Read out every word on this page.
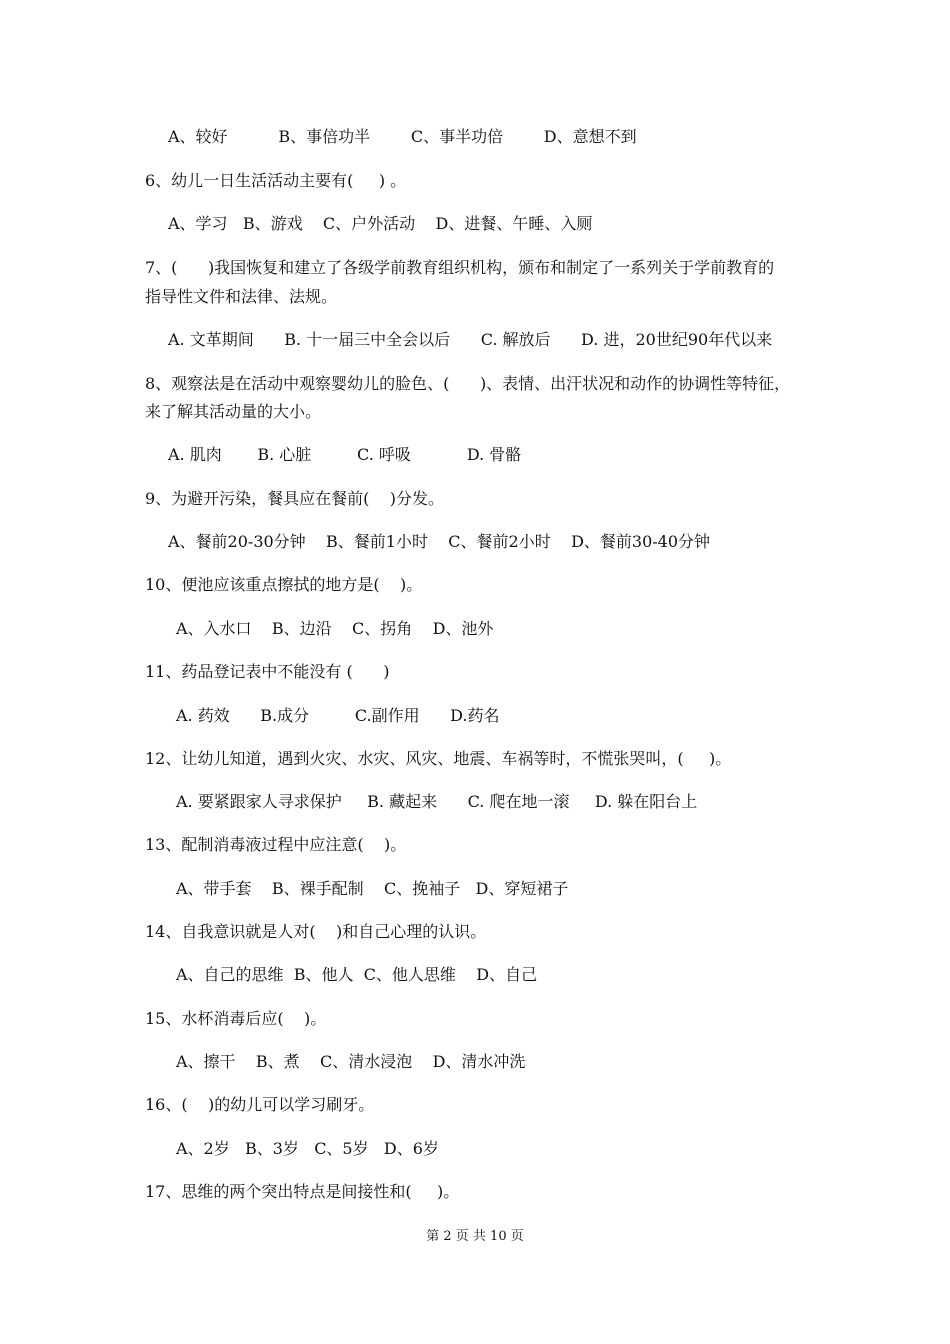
A、较好          B、事倍功半        C、事半功倍        D、意想不到
6、幼儿一日生活活动主要有(     ) 。
A、学习   B、游戏    C、户外活动    D、进餐、午睡、入厕
7、(      )我国恢复和建立了各级学前教育组织机构，颁布和制定了一系列关于学前教育的
指导性文件和法律、法规。
A. 文革期间      B. 十一届三中全会以后      C. 解放后      D. 进，20世纪90年代以来
8、观察法是在活动中观察婴幼儿的脸色、(      )、表情、出汗状况和动作的协调性等特征，
来了解其活动量的大小。
A. 肌肉       B. 心脏         C. 呼吸           D. 骨骼
9、为避开污染，餐具应在餐前(    )分发。
A、餐前20-30分钟    B、餐前1小时    C、餐前2小时    D、餐前30-40分钟
10、便池应该重点擦拭的地方是(    )。
A、入水口    B、边沿    C、拐角    D、池外
11、药品登记表中不能没有 (      )
A. 药效      B.成分         C.副作用      D.药名
12、让幼儿知道，遇到火灾、水灾、风灾、地震、车祸等时，不慌张哭叫，(     )。
A. 要紧跟家人寻求保护     B. 藏起来      C. 爬在地一滚     D. 躲在阳台上
13、配制消毒液过程中应注意(    )。
A、带手套    B、裸手配制    C、挽袖子   D、穿短裙子
14、自我意识就是人对(    )和自己心理的认识。
A、自己的思维  B、他人  C、他人思维    D、自己
15、水杯消毒后应(    )。
A、擦干    B、煮    C、清水浸泡    D、清水冲洗
16、(    )的幼儿可以学习刷牙。
A、2岁   B、3岁   C、5岁   D、6岁
17、思维的两个突出特点是间接性和(     )。
第 2 页 共 10 页
